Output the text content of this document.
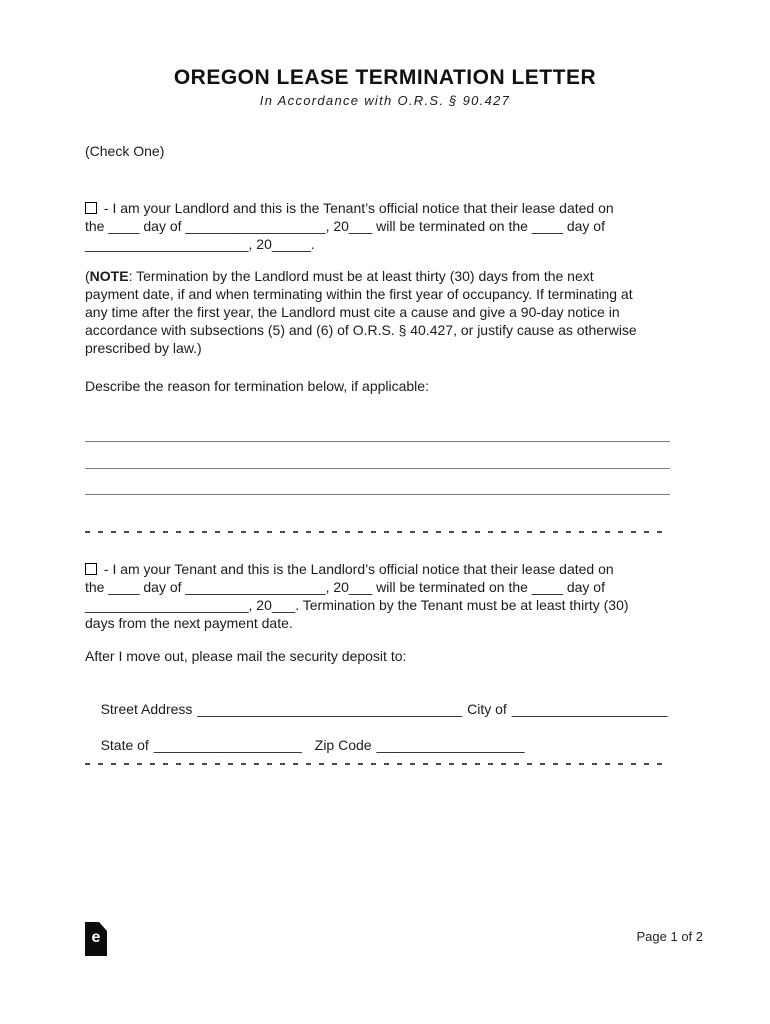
OREGON LEASE TERMINATION LETTER
In Accordance with O.R.S. § 90.427
(Check One)
- I am your Landlord and this is the Tenant’s official notice that their lease dated on
the ____ day of __________________, 20___ will be terminated on the ____ day of
_____________________, 20_____.
(NOTE: Termination by the Landlord must be at least thirty (30) days from the next
payment date, if and when terminating within the first year of occupancy. If terminating at
any time after the first year, the Landlord must cite a cause and give a 90-day notice in
accordance with subsections (5) and (6) of O.R.S. § 40.427, or justify cause as otherwise
prescribed by law.)
Describe the reason for termination below, if applicable:
- I am your Tenant and this is the Landlord’s official notice that their lease dated on
the ____ day of __________________, 20___ will be terminated on the ____ day of
_____________________, 20___. Termination by the Tenant must be at least thirty (30)
days from the next payment date.
After I move out, please mail the security deposit to:

Street Address __________________________________ City of ____________________

State of ___________________ Zip Code ___________________

e	Page 1 of 2
